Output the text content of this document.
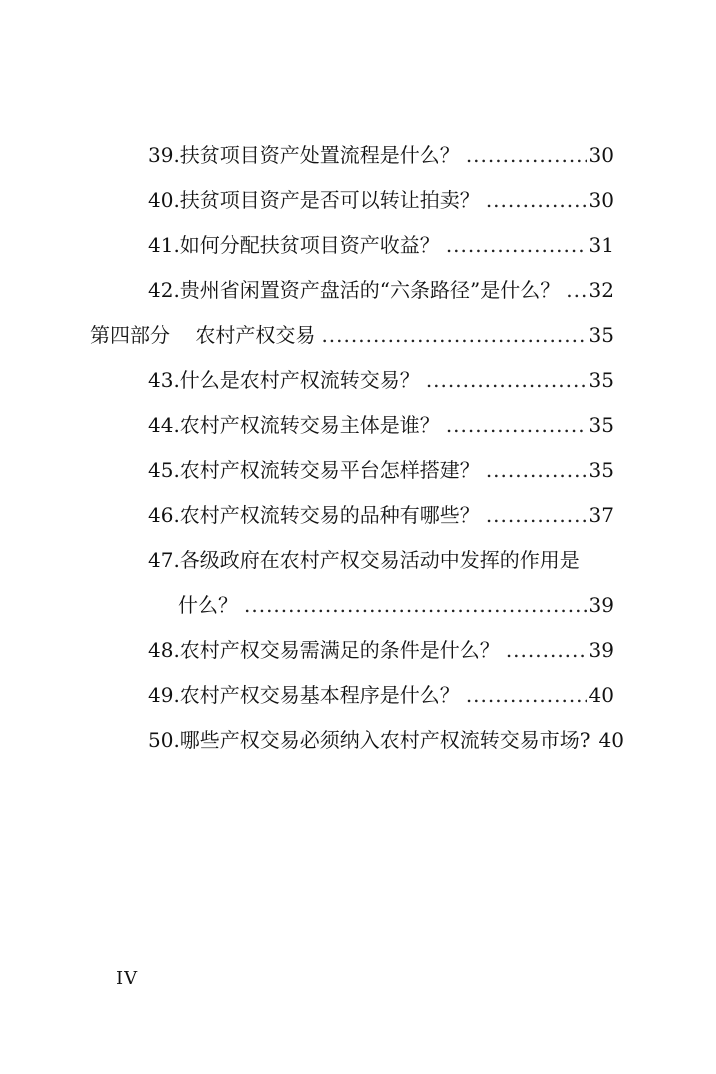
39.扶贫项目资产处置流程是什么？ .....	30
40.扶贫项目资产是否可以转让拍卖？ .....	30
41.如何分配扶贫项目资产收益？ .....	31
42.贵州省闲置资产盘活的“六条路径”是什么？ ..... 32
第四部分    农村产权交易 .....	35
43.什么是农村产权流转交易？ .....	35
44.农村产权流转交易主体是谁？ .....	35
45.农村产权流转交易平台怎样搭建？ .....	35
46.农村产权流转交易的品种有哪些？ .....	37
47.各级政府在农村产权交易活动中发挥的作用是
什么？ .....	39
48.农村产权交易需满足的条件是什么？ .....	39
49.农村产权交易基本程序是什么？ .....	40
50.哪些产权交易必须纳入农村产权流转交易市场? 40
IV
